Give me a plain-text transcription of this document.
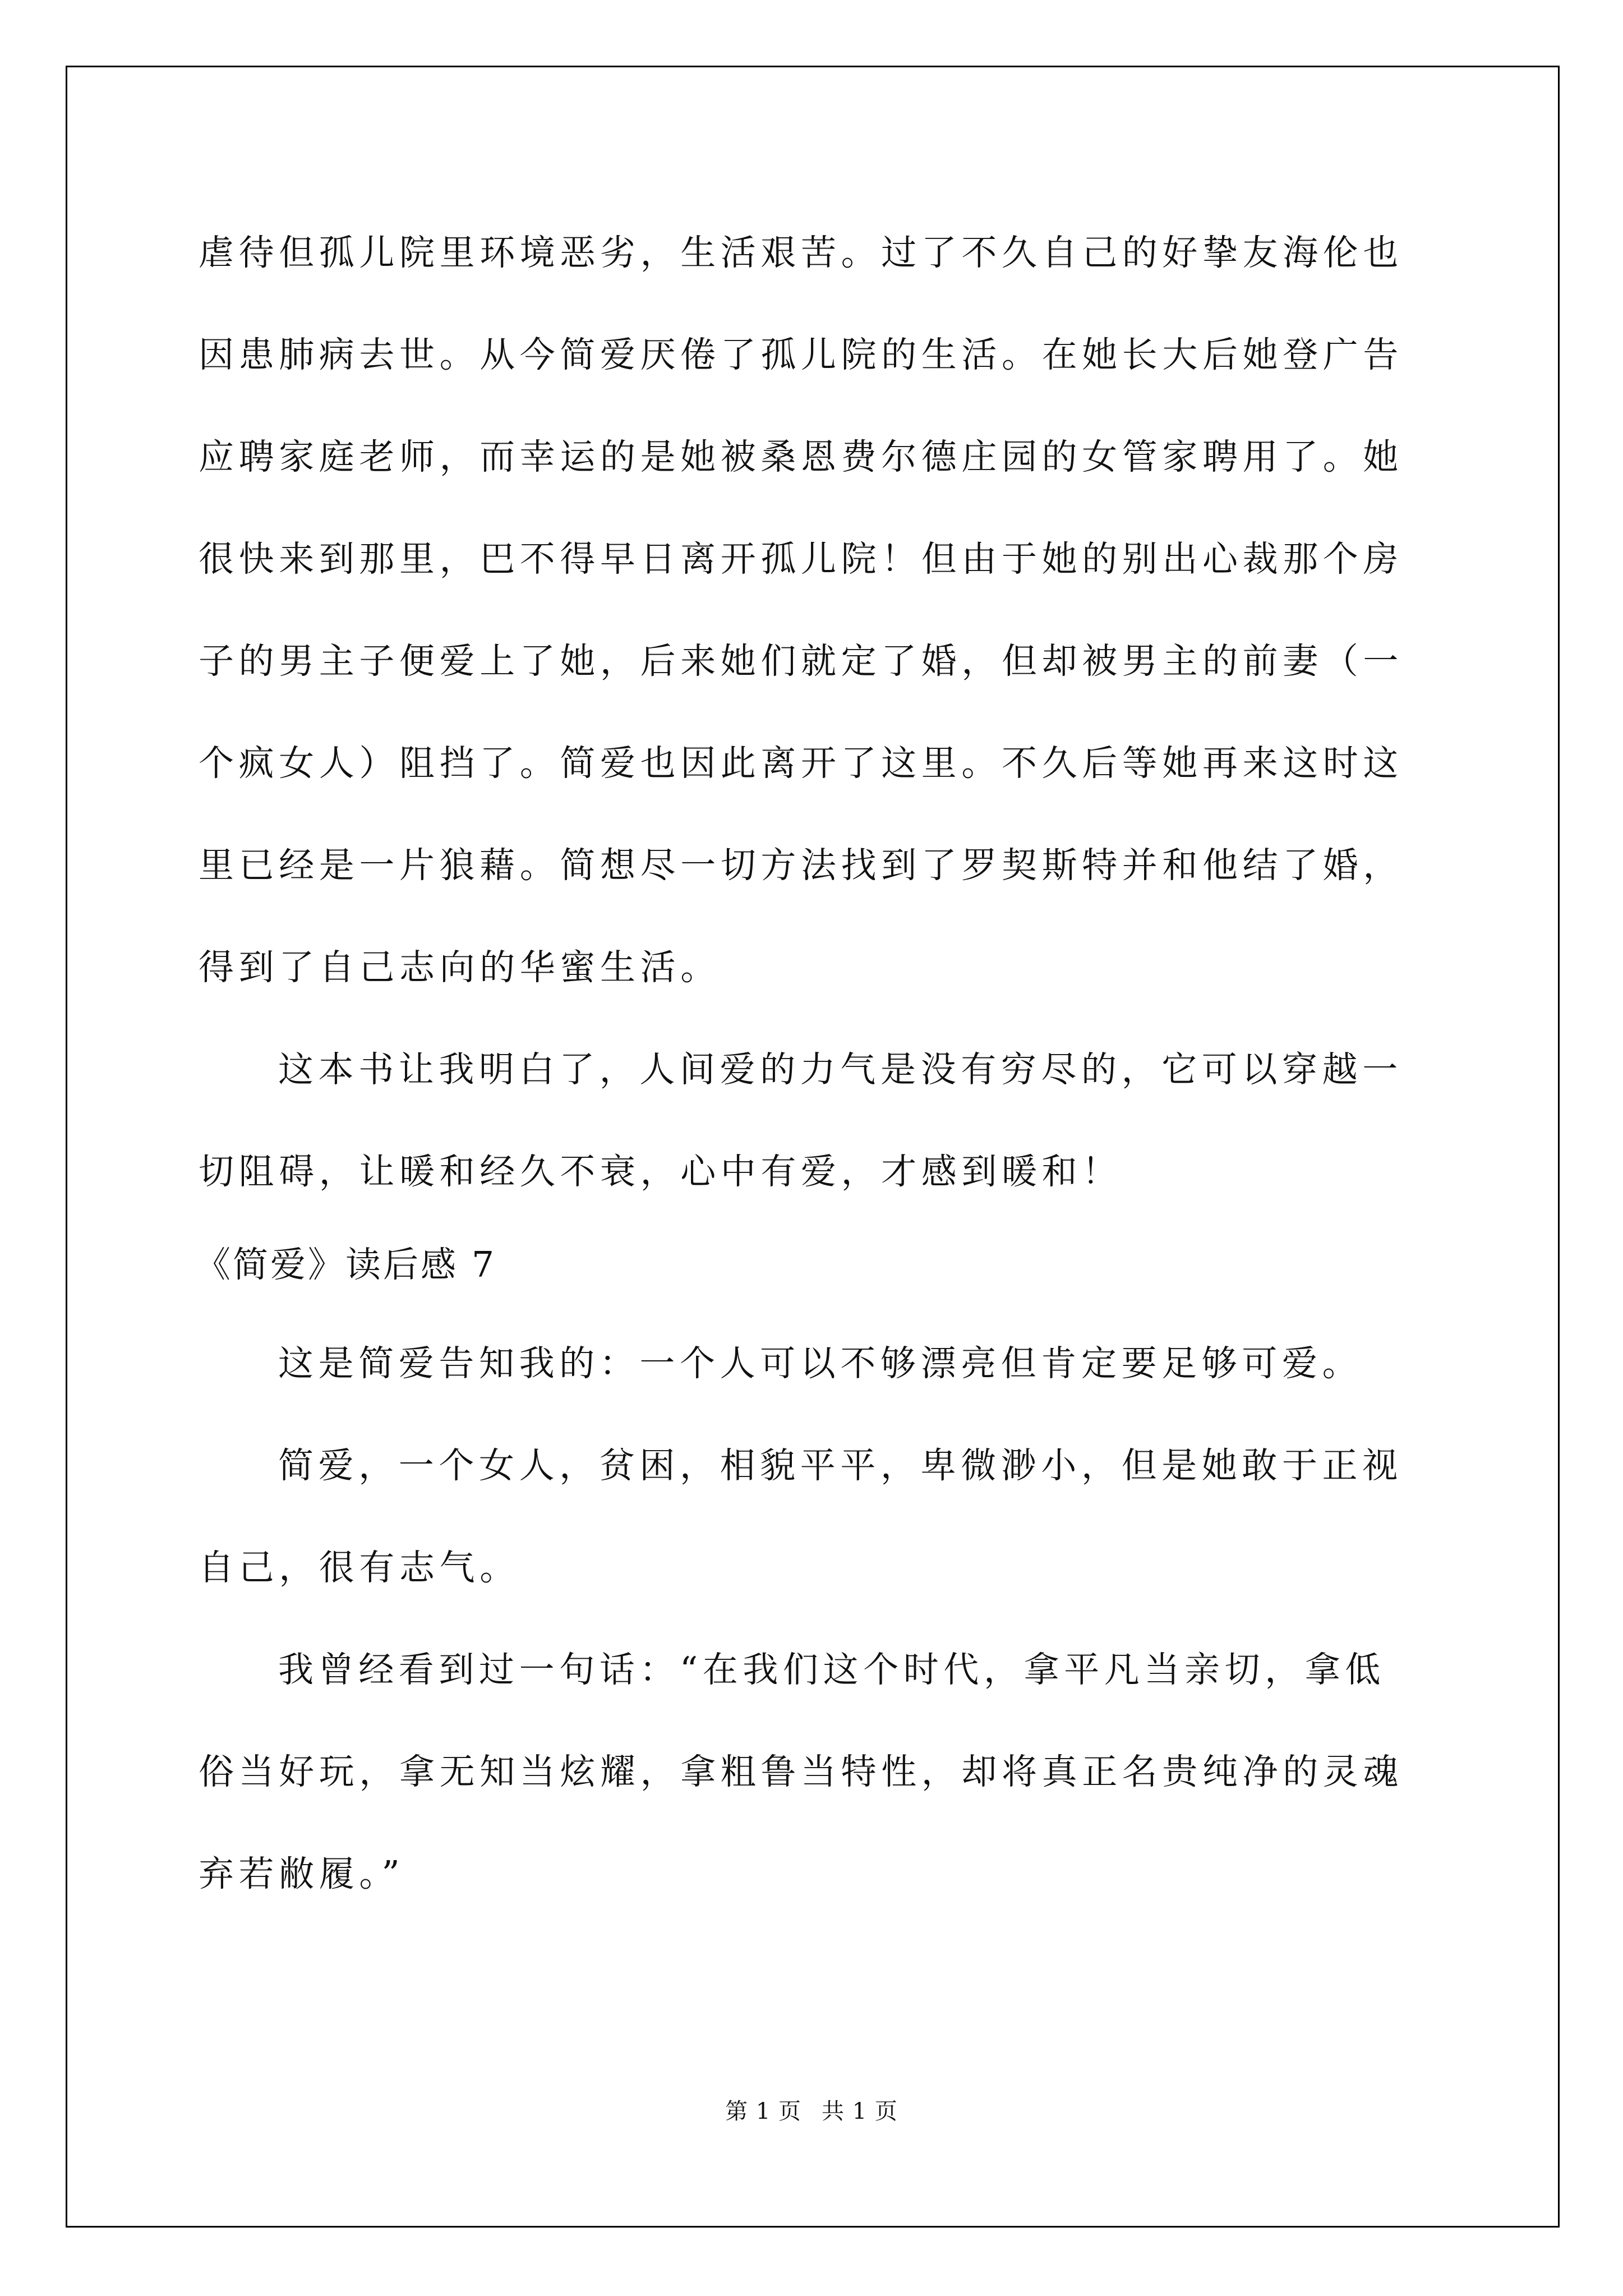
虐待但孤儿院里环境恶劣，生活艰苦。过了不久自己的好挚友海伦也
因患肺病去世。从今简爱厌倦了孤儿院的生活。在她长大后她登广告
应聘家庭老师，而幸运的是她被桑恩费尔德庄园的女管家聘用了。她
很快来到那里，巴不得早日离开孤儿院！但由于她的别出心裁那个房
子的男主子便爱上了她，后来她们就定了婚，但却被男主的前妻（一
个疯女人）阻挡了。简爱也因此离开了这里。不久后等她再来这时这
里已经是一片狼藉。简想尽一切方法找到了罗契斯特并和他结了婚，
得到了自己志向的华蜜生活。
这本书让我明白了，人间爱的力气是没有穷尽的，它可以穿越一
切阻碍，让暖和经久不衰，心中有爱，才感到暖和！
《简爱》读后感 7
这是简爱告知我的：一个人可以不够漂亮但肯定要足够可爱。
简爱，一个女人，贫困，相貌平平，卑微渺小，但是她敢于正视
自己，很有志气。
我曾经看到过一句话：“在我们这个时代，拿平凡当亲切，拿低
俗当好玩，拿无知当炫耀，拿粗鲁当特性，却将真正名贵纯净的灵魂
弃若敝履。”
第 1 页 共 1 页
